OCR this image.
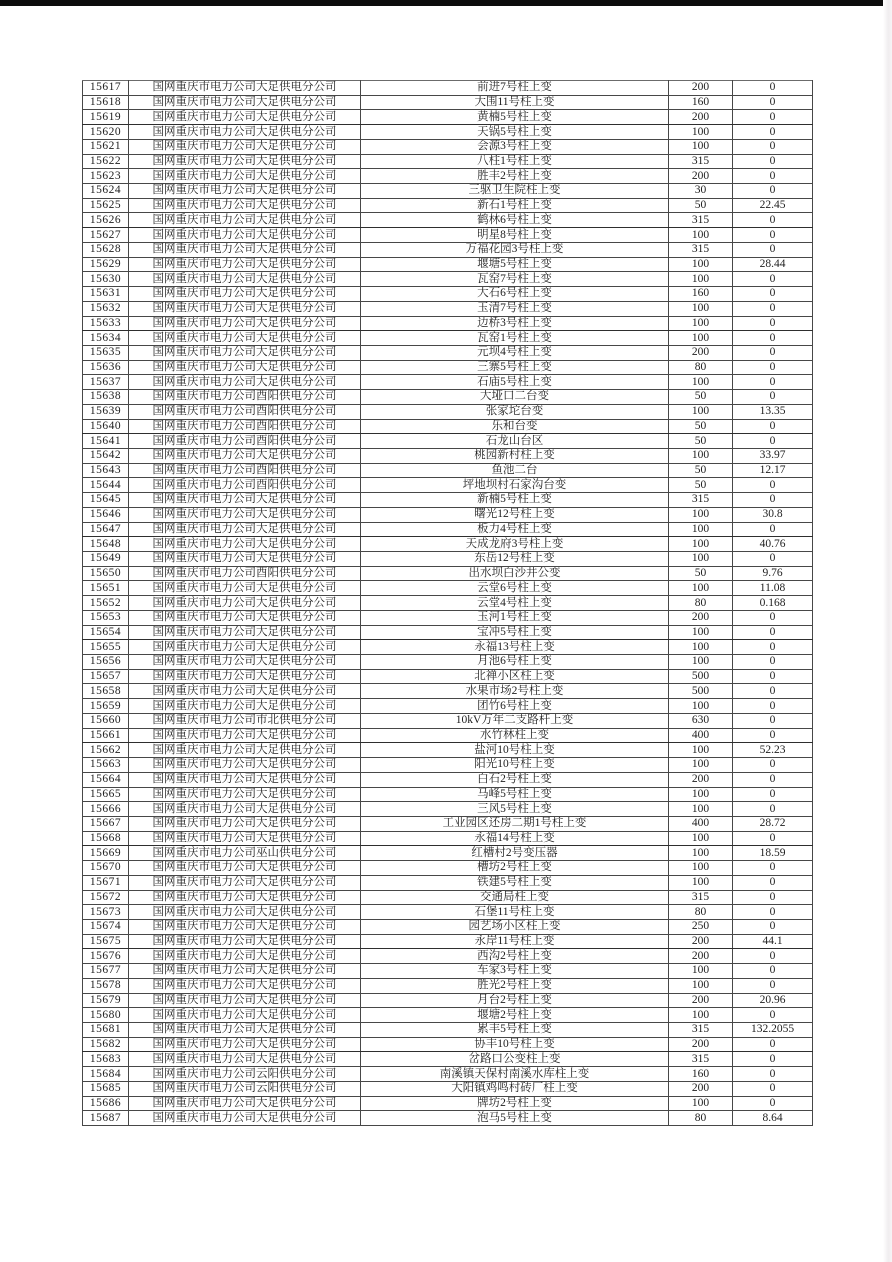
15617	国网重庆市电力公司大足供电分公司	前进7号柱上变	200	0
15618	国网重庆市电力公司大足供电分公司	大围11号柱上变	160	0
15619	国网重庆市电力公司大足供电分公司	黄楠5号柱上变	200	0
15620	国网重庆市电力公司大足供电分公司	天锅5号柱上变	100	0
15621	国网重庆市电力公司大足供电分公司	会源3号柱上变	100	0
15622	国网重庆市电力公司大足供电分公司	八柱1号柱上变	315	0
15623	国网重庆市电力公司大足供电分公司	胜丰2号柱上变	200	0
15624	国网重庆市电力公司大足供电分公司	三驱卫生院柱上变	30	0
15625	国网重庆市电力公司大足供电分公司	新石1号柱上变	50	22.45
15626	国网重庆市电力公司大足供电分公司	鹤林6号柱上变	315	0
15627	国网重庆市电力公司大足供电分公司	明星8号柱上变	100	0
15628	国网重庆市电力公司大足供电分公司	万福花园3号柱上变	315	0
15629	国网重庆市电力公司大足供电分公司	堰塘5号柱上变	100	28.44
15630	国网重庆市电力公司大足供电分公司	瓦窑7号柱上变	100	0
15631	国网重庆市电力公司大足供电分公司	大石6号柱上变	160	0
15632	国网重庆市电力公司大足供电分公司	玉清7号柱上变	100	0
15633	国网重庆市电力公司大足供电分公司	边桥3号柱上变	100	0
15634	国网重庆市电力公司大足供电分公司	瓦窑1号柱上变	100	0
15635	国网重庆市电力公司大足供电分公司	元坝4号柱上变	200	0
15636	国网重庆市电力公司大足供电分公司	三寨5号柱上变	80	0
15637	国网重庆市电力公司大足供电分公司	石庙5号柱上变	100	0
15638	国网重庆市电力公司酉阳供电分公司	大垭口二台变	50	0
15639	国网重庆市电力公司酉阳供电分公司	张家坨台变	100	13.35
15640	国网重庆市电力公司酉阳供电分公司	乐和台变	50	0
15641	国网重庆市电力公司酉阳供电分公司	石龙山台区	50	0
15642	国网重庆市电力公司大足供电分公司	桃园新村柱上变	100	33.97
15643	国网重庆市电力公司酉阳供电分公司	鱼池二台	50	12.17
15644	国网重庆市电力公司酉阳供电分公司	坪地坝村石家沟台变	50	0
15645	国网重庆市电力公司大足供电分公司	新楠5号柱上变	315	0
15646	国网重庆市电力公司大足供电分公司	曙光12号柱上变	100	30.8
15647	国网重庆市电力公司大足供电分公司	板力4号柱上变	100	0
15648	国网重庆市电力公司大足供电分公司	天成龙府3号柱上变	100	40.76
15649	国网重庆市电力公司大足供电分公司	东岳12号柱上变	100	0
15650	国网重庆市电力公司酉阳供电分公司	出水坝白沙井公变	50	9.76
15651	国网重庆市电力公司大足供电分公司	云堂6号柱上变	100	11.08
15652	国网重庆市电力公司大足供电分公司	云堂4号柱上变	80	0.168
15653	国网重庆市电力公司大足供电分公司	玉河1号柱上变	200	0
15654	国网重庆市电力公司大足供电分公司	宝冲5号柱上变	100	0
15655	国网重庆市电力公司大足供电分公司	永福13号柱上变	100	0
15656	国网重庆市电力公司大足供电分公司	月池6号柱上变	100	0
15657	国网重庆市电力公司大足供电分公司	北禅小区柱上变	500	0
15658	国网重庆市电力公司大足供电分公司	水果市场2号柱上变	500	0
15659	国网重庆市电力公司大足供电分公司	团竹6号柱上变	100	0
15660	国网重庆市电力公司市北供电分公司	10kV万年二支路杆上变	630	0
15661	国网重庆市电力公司大足供电分公司	水竹林柱上变	400	0
15662	国网重庆市电力公司大足供电分公司	盐河10号柱上变	100	52.23
15663	国网重庆市电力公司大足供电分公司	阳光10号柱上变	100	0
15664	国网重庆市电力公司大足供电分公司	白石2号柱上变	200	0
15665	国网重庆市电力公司大足供电分公司	马峰5号柱上变	100	0
15666	国网重庆市电力公司大足供电分公司	三风5号柱上变	100	0
15667	国网重庆市电力公司大足供电分公司	工业园区还房二期1号柱上变	400	28.72
15668	国网重庆市电力公司大足供电分公司	永福14号柱上变	100	0
15669	国网重庆市电力公司巫山供电分公司	红槽村2号变压器	100	18.59
15670	国网重庆市电力公司大足供电分公司	槽坊2号柱上变	100	0
15671	国网重庆市电力公司大足供电分公司	铁建5号柱上变	100	0
15672	国网重庆市电力公司大足供电分公司	交通局柱上变	315	0
15673	国网重庆市电力公司大足供电分公司	石堡11号柱上变	80	0
15674	国网重庆市电力公司大足供电分公司	园艺场小区柱上变	250	0
15675	国网重庆市电力公司大足供电分公司	永岸11号柱上变	200	44.1
15676	国网重庆市电力公司大足供电分公司	西沟2号柱上变	200	0
15677	国网重庆市电力公司大足供电分公司	车家3号柱上变	100	0
15678	国网重庆市电力公司大足供电分公司	胜光2号柱上变	100	0
15679	国网重庆市电力公司大足供电分公司	月台2号柱上变	200	20.96
15680	国网重庆市电力公司大足供电分公司	堰塘2号柱上变	100	0
15681	国网重庆市电力公司大足供电分公司	累丰5号柱上变	315	132.2055
15682	国网重庆市电力公司大足供电分公司	协丰10号柱上变	200	0
15683	国网重庆市电力公司大足供电分公司	岔路口公变柱上变	315	0
15684	国网重庆市电力公司云阳供电分公司	南溪镇天保村南溪水库柱上变	160	0
15685	国网重庆市电力公司云阳供电分公司	大阳镇鸡鸣村砖厂柱上变	200	0
15686	国网重庆市电力公司大足供电分公司	牌坊2号柱上变	100	0
15687	国网重庆市电力公司大足供电分公司	泡马5号柱上变	80	8.64
